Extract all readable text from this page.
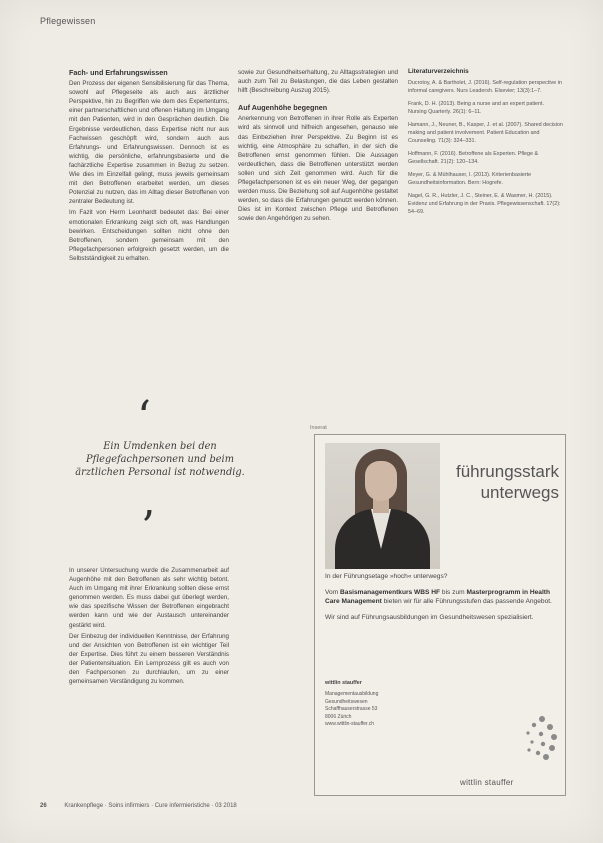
Pflegewissen
Fach- und Erfahrungswissen

Den Prozess der eigenen Sensibilisierung für das Thema, sowohl auf Pflegeseite als auch aus ärztlicher Perspektive, hin zu Begriffen wie dem des Expertentums, einer partnerschaftlichen und offenen Haltung im Umgang mit den Patienten, wird in den Gesprächen deutlich. Die Ergebnisse verdeutlichen, dass Expertise nicht nur aus Fachwissen geschöpft wird, sondern auch aus Erfahrungs- und Erfahrungswissen. Dennoch ist es wichtig, die persönliche, erfahrungsbasierte und die fachärztliche Expertise zusammen in Bezug zu setzen. Wie dies im Einzelfall gelingt, muss jeweils gemeinsam mit den Betroffenen erarbeitet werden, um dieses Potenzial zu nutzen, das im Alltag dieser Betroffenen von zentraler Bedeutung ist.

Im Fazit von Herrn Leonhardt bedeutet das: Bei einer emotionalen Erkrankung zeigt sich oft, was Handlungen bewirken. Entscheidungen sollten nicht ohne den Betroffenen, sondern gemeinsam mit den Pflegefachpersonen erfolgreich gesetzt werden, um die Selbstständigkeit zu erhalten.

sowie zur Gesundheitserhaltung, zu Alltagsstrategien und auch zum Teil zu Belastungen, die das Leben gestalten hilft (Beschreibung Auszug 2015).

Auf Augenhöhe begegnen

Anerkennung von Betroffenen in ihrer Rolle als Experten wird als sinnvoll und hilfreich angesehen, genauso wie das Einbeziehen ihrer Perspektive. Zu Beginn ist es wichtig, eine Atmosphäre zu schaffen, in der sich die Betroffenen ernst genommen fühlen. Die Aussagen verdeutlichen, dass die Betroffenen unterstützt werden sollen und sich Zeit genommen wird. Auch für die Pflegefachpersonen ist es ein neuer Weg, der gegangen werden muss. Die Beziehung soll auf Augenhöhe gestaltet werden, so dass die Erfahrungen genutzt werden können. Dies ist im Kontext zwischen Pflege und Betroffenen sowie den Angehörigen zu sehen.

Literaturverzeichnis

Ducrotoy, A. & Bartholet, J. (2016). Self-regulation perspective in informal caregivers. Nurs Leadersh. Elsevier; 13(3):1–7.

Frank, D. H. (2013). Being a nurse and an expert patient. Nursing Quarterly. 26(1): 6–11.

Hamann, J., Neuner, B., Kasper, J. et al. (2007). Shared decision making and patient involvement. Patient Education and Counseling. 71(3): 324–331.

Hoffmann, F. (2016). Betroffene als Experten. Pflege & Gesellschaft. 21(2): 120–134.

Meyer, G. & Mühlhauser, I. (2013). Kriterienbasierte Gesundheitsinformation. Bern: Hogrefe.

Nagel, G. R., Hutzler, J. C., Steiner, E. & Wasmer, H. (2015). Evidenz und Erfahrung in der Praxis. Pflegewissenschaft. 17(2): 54–69.

‘
Ein Umdenken bei den Pflegefachpersonen und beim ärztlichen Personal ist notwendig.
’

In unserer Untersuchung wurde die Zusammenarbeit auf Augenhöhe mit den Betroffenen als sehr wichtig betont. Auch im Umgang mit ihrer Erkrankung sollten diese ernst genommen werden. Es muss dabei gut überlegt werden, wie das spezifische Wissen der Betroffenen eingebracht werden kann und wie der Austausch untereinander gestärkt wird.

Der Einbezug der individuellen Kenntnisse, der Erfahrung und der Ansichten von Betroffenen ist ein wichtiger Teil der Expertise. Dies führt zu einem besseren Verständnis der Patientensituation. Ein Lernprozess gilt es auch von den Fachpersonen zu durchlaufen, um zu einer gemeinsamen Verständigung zu kommen.

Inserat
führungsstark
unterwegs

In der Führungsetage »hoch« unterwegs?

Vom Basismanagementkurs WBS HF bis zum Masterprogramm in Health Care Management bieten wir für alle Führungsstufen das passende Angebot.

Wir sind auf Führungsausbildungen im Gesundheitswesen spezialisiert.

wittlin stauffer

Managementausbildung
Gesundheitswesen
Schaffhauserstrasse 53
8006 Zürich
www.wittlin-stauffer.ch
wittlin stauffer
26	Krankenpflege · Soins infirmiers · Cure infermieristiche · 03 2018
